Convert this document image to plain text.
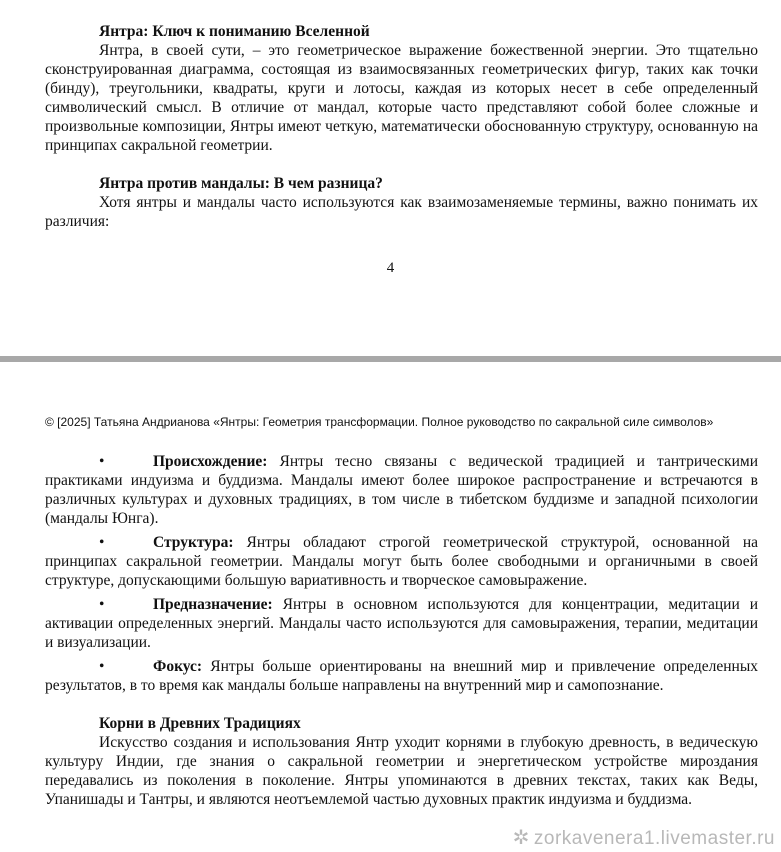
Янтра: Ключ к пониманию Вселенной

Янтра, в своей сути, – это геометрическое выражение божественной энергии. Это тщательно сконструированная диаграмма, состоящая из взаимосвязанных геометрических фигур, таких как точки (бинду), треугольники, квадраты, круги и лотосы, каждая из которых несет в себе определенный символический смысл. В отличие от мандал, которые часто представляют собой более сложные и произвольные композиции, Янтры имеют четкую, математически обоснованную структуру, основанную на принципах сакральной геометрии.

Янтра против мандалы: В чем разница?

Хотя янтры и мандалы часто используются как взаимозаменяемые термины, важно понимать их различия:

4
© [2025] Татьяна Андрианова «Янтры: Геометрия трансформации. Полное руководство по сакральной силе символов»

•	Происхождение: Янтры тесно связаны с ведической традицией и тантрическими практиками индуизма и буддизма. Мандалы имеют более широкое распространение и встречаются в различных культурах и духовных традициях, в том числе в тибетском буддизме и западной психологии (мандалы Юнга).

•	Структура: Янтры обладают строгой геометрической структурой, основанной на принципах сакральной геометрии. Мандалы могут быть более свободными и органичными в своей структуре, допускающими большую вариативность и творческое самовыражение.

•	Предназначение: Янтры в основном используются для концентрации, медитации и активации определенных энергий. Мандалы часто используются для самовыражения, терапии, медитации и визуализации.

•	Фокус: Янтры больше ориентированы на внешний мир и привлечение определенных результатов, в то время как мандалы больше направлены на внутренний мир и самопознание.

Корни в Древних Традициях

Искусство создания и использования Янтр уходит корнями в глубокую древность, в ведическую культуру Индии, где знания о сакральной геометрии и энергетическом устройстве мироздания передавались из поколения в поколение. Янтры упоминаются в древних текстах, таких как Веды, Упанишады и Тантры, и являются неотъемлемой частью духовных практик индуизма и буддизма.

✲ zorkavenera1.livemaster.ru
